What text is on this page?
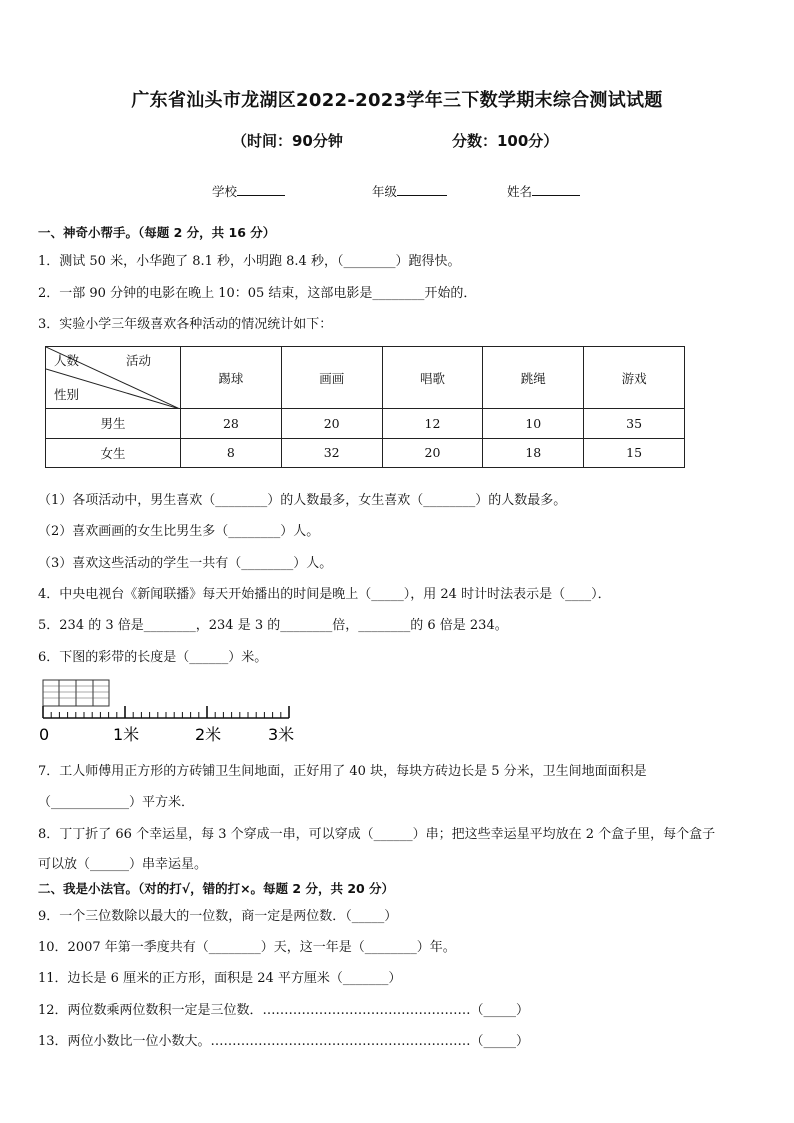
广东省汕头市龙湖区2022-2023学年三下数学期末综合测试试题
（时间：90分钟	分数：100分）
学校	年级	姓名
一、神奇小帮手。（每题 2 分，共 16 分）
1．测试 50 米，小华跑了 8.1 秒，小明跑 8.4 秒，（________）跑得快。
2．一部 90 分钟的电影在晚上 10：05 结束，这部电影是________开始的．
3．实验小学三年级喜欢各种活动的情况统计如下：
人数 活动
性别	踢球	画画	唱歌	跳绳	游戏
男生	28	20	12	10	35
女生	8	32	20	18	15
（1）各项活动中，男生喜欢（________）的人数最多，女生喜欢（________）的人数最多。
（2）喜欢画画的女生比男生多（________）人。
（3）喜欢这些活动的学生一共有（________）人。
4．中央电视台《新闻联播》每天开始播出的时间是晚上（_____），用 24 时计时法表示是（____）．
5．234 的 3 倍是________，234 是 3 的________倍，________的 6 倍是 234。
6．下图的彩带的长度是（______）米。
0	1米	2米	3米
7．工人师傅用正方形的方砖铺卫生间地面，正好用了 40 块，每块方砖边长是 5 分米，卫生间地面面积是
（____________）平方米．
8．丁丁折了 66 个幸运星，每 3 个穿成一串，可以穿成（______）串；把这些幸运星平均放在 2 个盒子里，每个盒子
可以放（______）串幸运星。
二、我是小法官。（对的打√，错的打×。每题 2 分，共 20 分）
9．一个三位数除以最大的一位数，商一定是两位数．（_____）
10．2007 年第一季度共有（________）天，这一年是（________）年。
11．边长是 6 厘米的正方形，面积是 24 平方厘米（_______）
12．两位数乘两位数积一定是三位数．…………………………………………（_____）
13．两位小数比一位小数大。……………………………………………………（_____）
